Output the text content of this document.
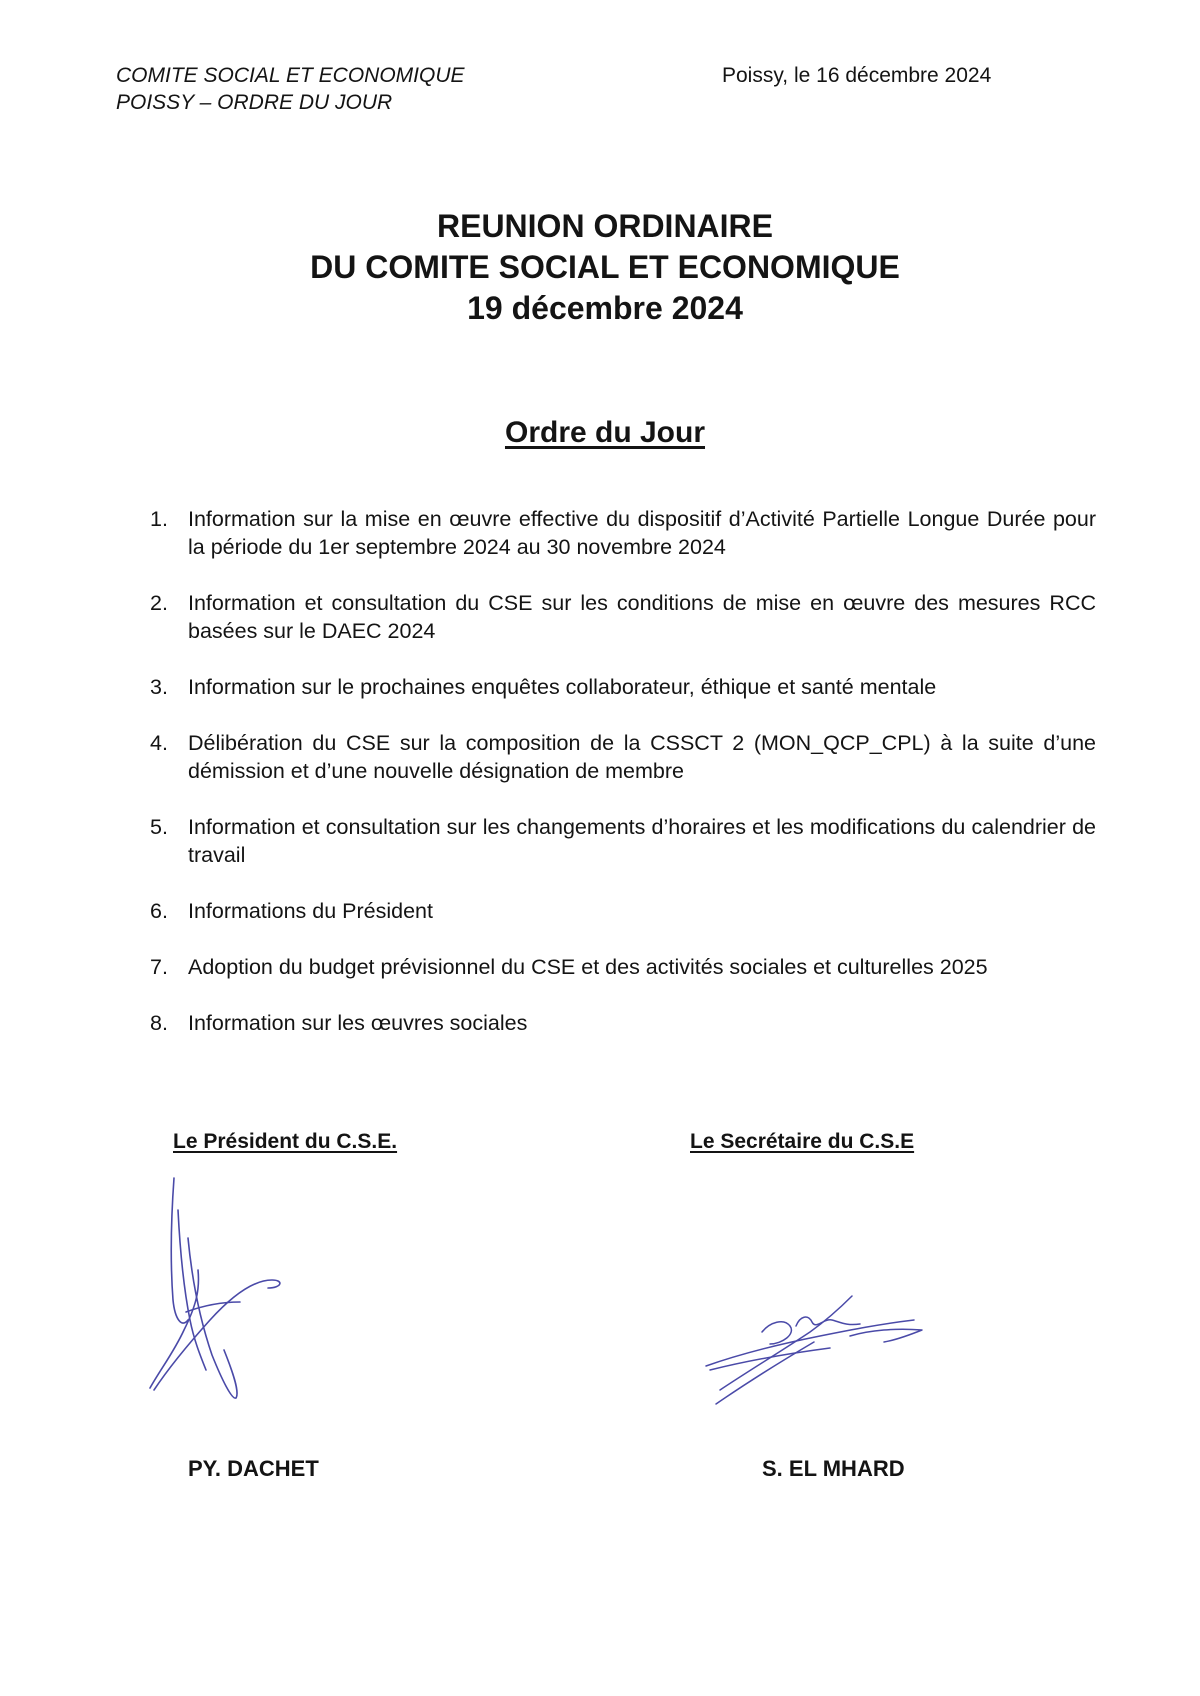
COMITE SOCIAL ET ECONOMIQUE
POISSY – ORDRE DU JOUR
Poissy, le 16 décembre 2024
REUNION ORDINAIRE
DU COMITE SOCIAL ET ECONOMIQUE
19 décembre 2024
Ordre du Jour
1. Information sur la mise en œuvre effective du dispositif d’Activité Partielle Longue Durée pour la période du 1er septembre 2024 au 30 novembre 2024
2. Information et consultation du CSE sur les conditions de mise en œuvre des mesures RCC basées sur le DAEC 2024
3. Information sur le prochaines enquêtes collaborateur, éthique et santé mentale
4. Délibération du CSE sur la composition de la CSSCT 2 (MON_QCP_CPL) à la suite d’une démission et d’une nouvelle désignation de membre
5. Information et consultation sur les changements d’horaires et les modifications du calendrier de travail
6. Informations du Président
7. Adoption du budget prévisionnel du CSE et des activités sociales et culturelles 2025
8. Information sur les œuvres sociales
Le Président du C.S.E.	Le Secrétaire du C.S.E
PY. DACHET	S. EL MHARD
